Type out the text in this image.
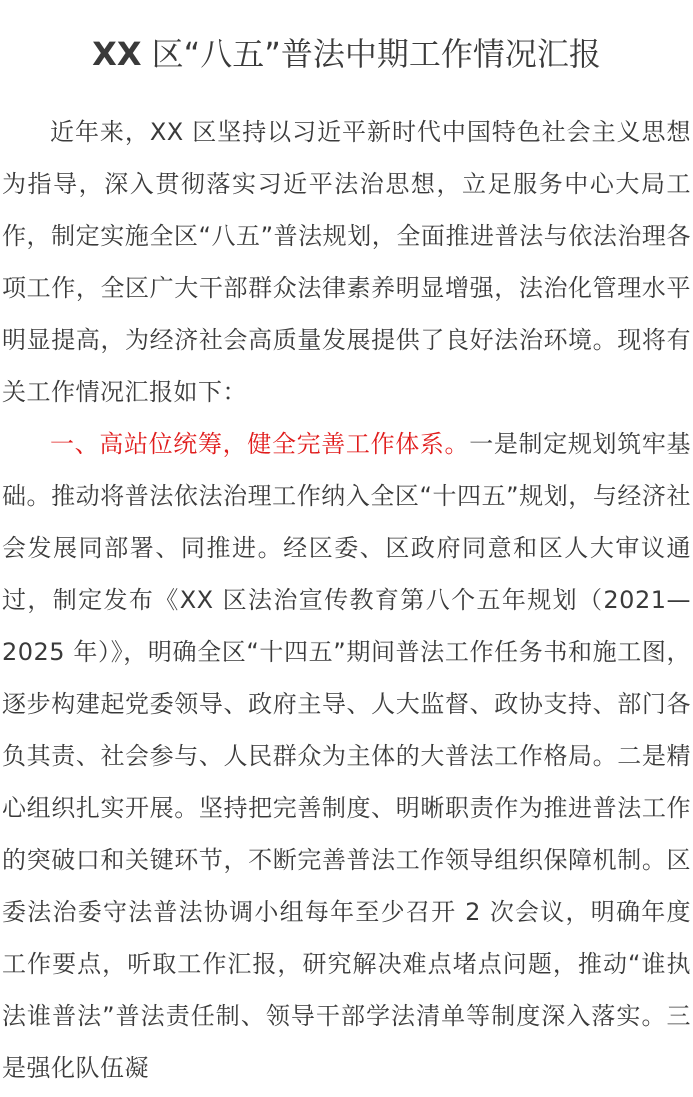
XX 区“八五”普法中期工作情况汇报

近年来，XX 区坚持以习近平新时代中国特色社会主义思想为指导，深入贯彻落实习近平法治思想，立足服务中心大局工作，制定实施全区“八五”普法规划，全面推进普法与依法治理各项工作，全区广大干部群众法律素养明显增强，法治化管理水平明显提高，为经济社会高质量发展提供了良好法治环境。现将有关工作情况汇报如下：

一、高站位统筹，健全完善工作体系。一是制定规划筑牢基础。推动将普法依法治理工作纳入全区“十四五”规划，与经济社会发展同部署、同推进。经区委、区政府同意和区人大审议通过，制定发布《XX 区法治宣传教育第八个五年规划（2021—2025 年）》，明确全区“十四五”期间普法工作任务书和施工图，逐步构建起党委领导、政府主导、人大监督、政协支持、部门各负其责、社会参与、人民群众为主体的大普法工作格局。二是精心组织扎实开展。坚持把完善制度、明晰职责作为推进普法工作的突破口和关键环节，不断完善普法工作领导组织保障机制。区委法治委守法普法协调小组每年至少召开 2 次会议，明确年度工作要点，听取工作汇报，研究解决难点堵点问题，推动“谁执法谁普法”普法责任制、领导干部学法清单等制度深入落实。三是强化队伍凝
